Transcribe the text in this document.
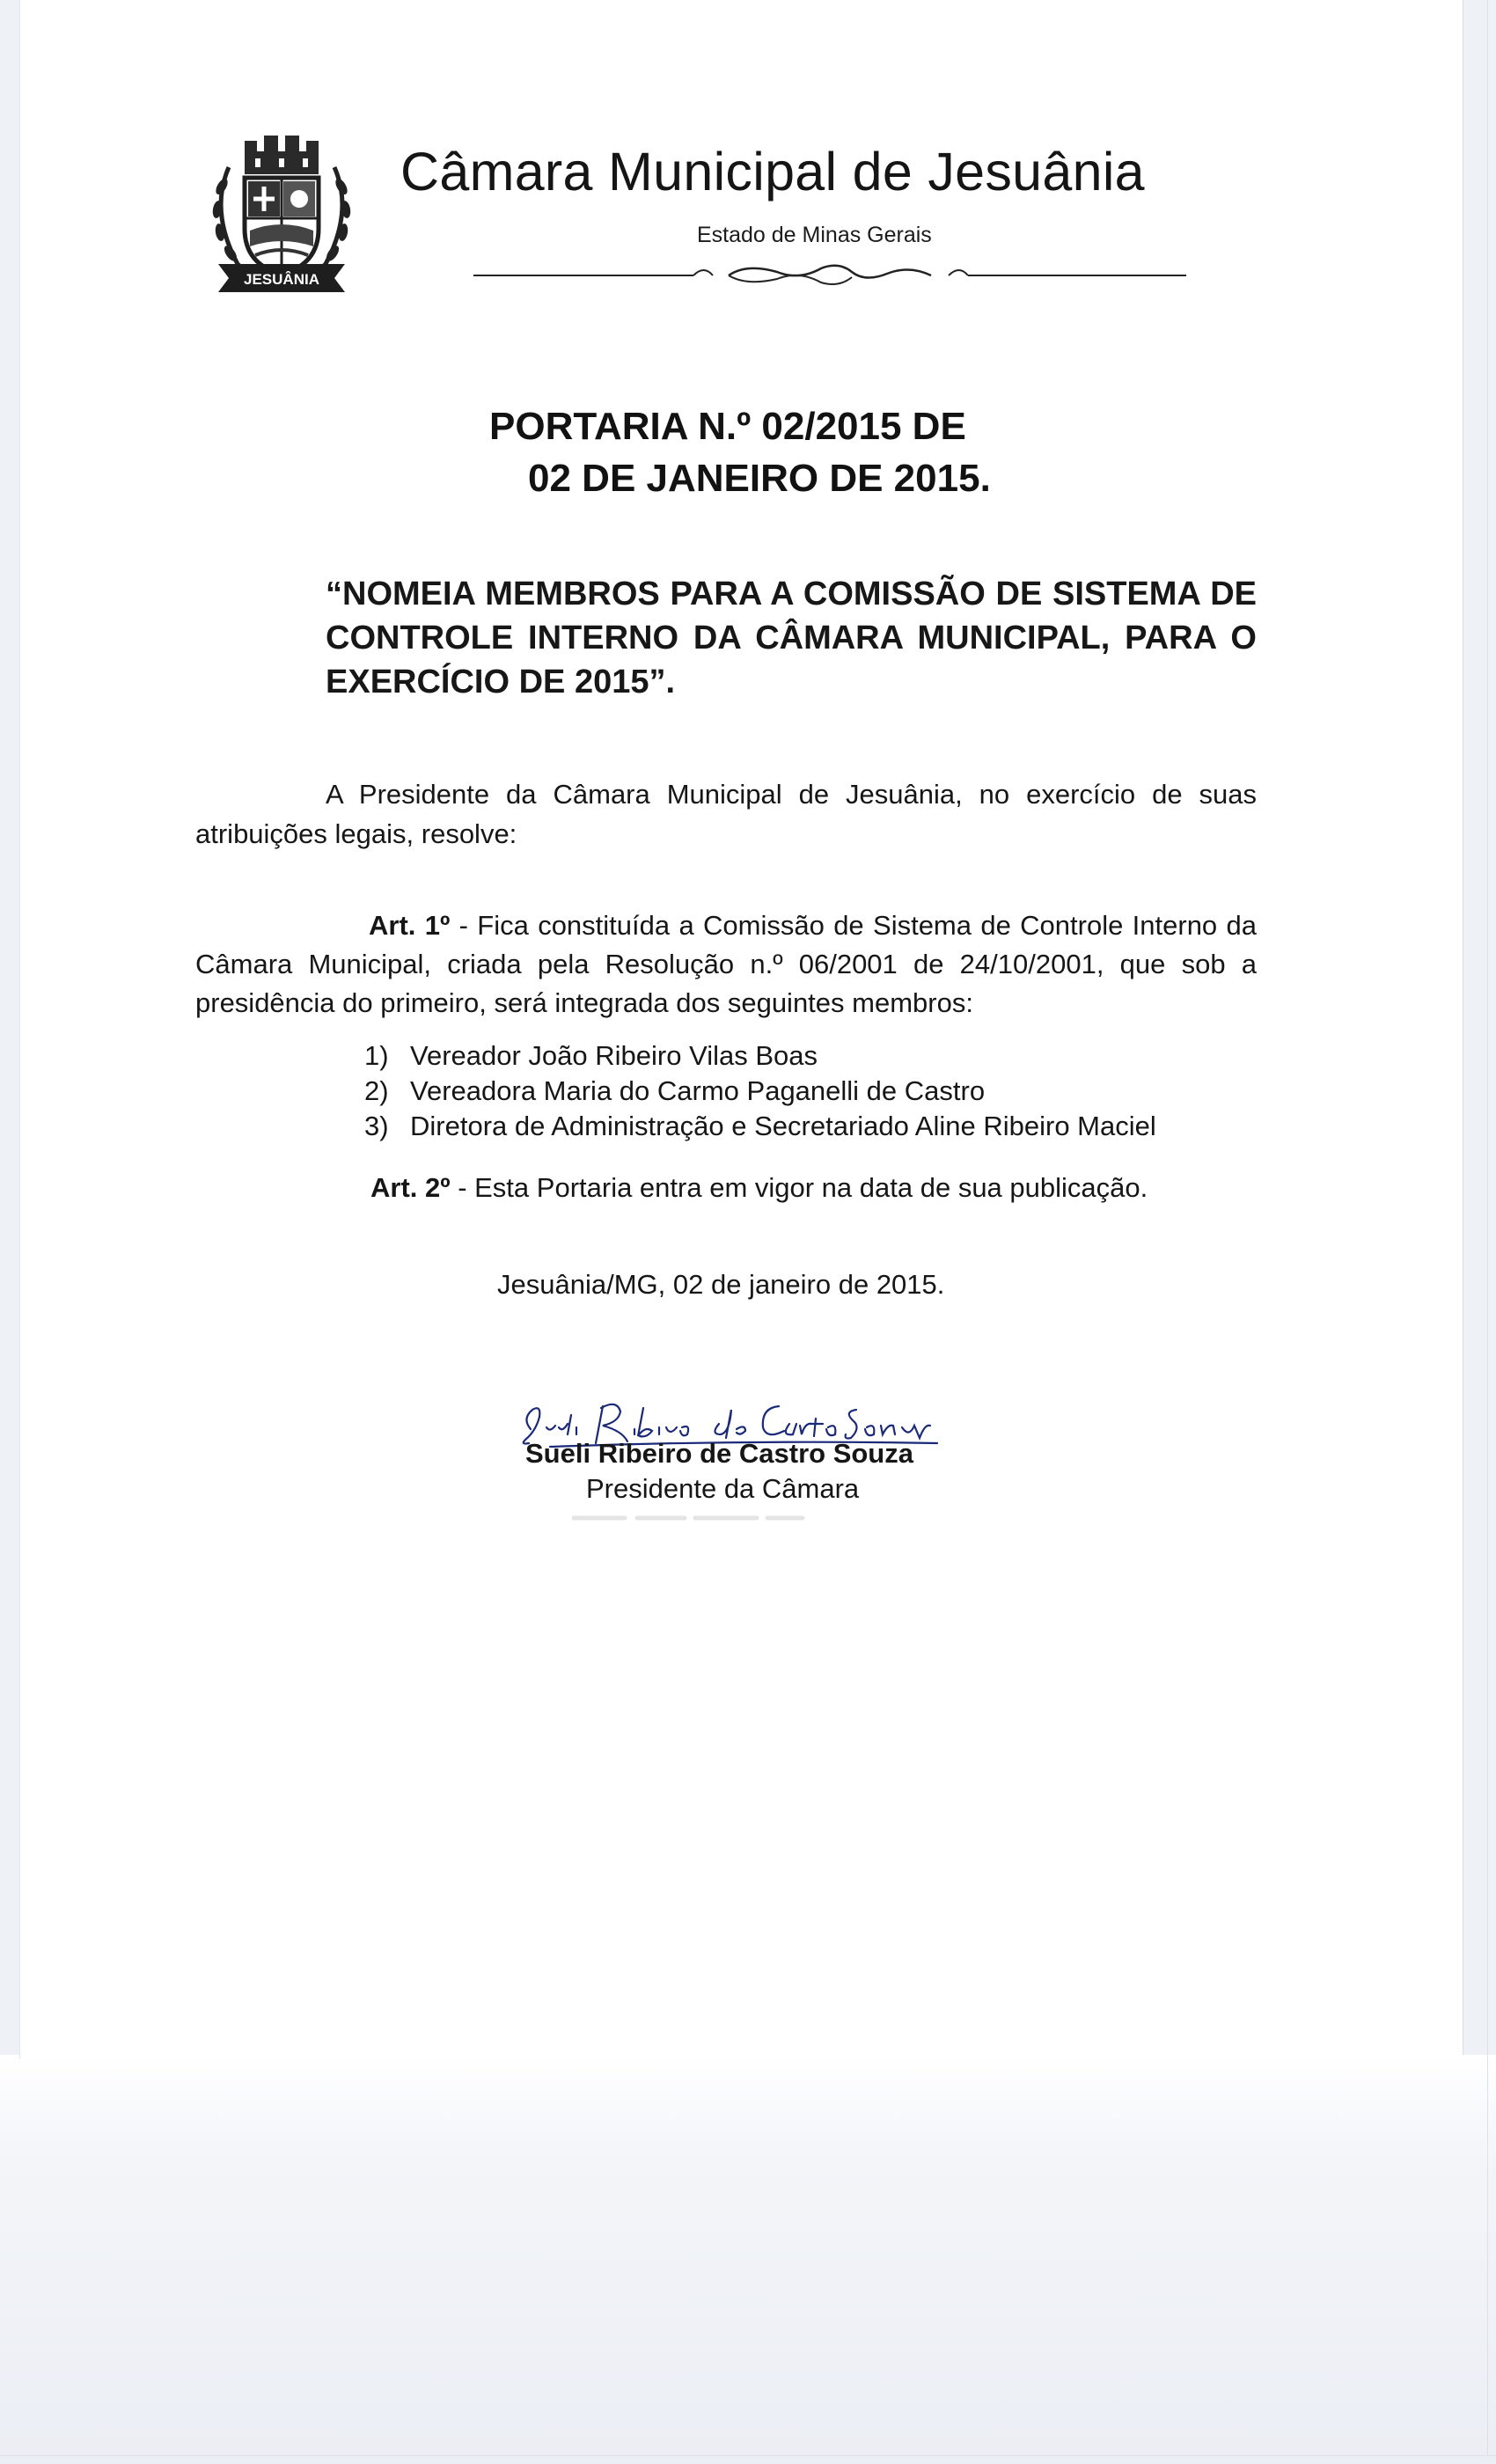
JESUÂNIA
Câmara Municipal de Jesuânia

Estado de Minas Gerais

PORTARIA N.º 02/2015 DE
02 DE JANEIRO DE 2015.

“NOMEIA MEMBROS PARA A COMISSÃO DE SISTEMA DE CONTROLE INTERNO DA CÂMARA MUNICIPAL, PARA O EXERCÍCIO DE 2015”.

A Presidente da Câmara Municipal de Jesuânia, no exercício de suas atribuições legais, resolve:

Art. 1º - Fica constituída a Comissão de Sistema de Controle Interno da Câmara Municipal, criada pela Resolução n.º 06/2001 de 24/10/2001, que sob a presidência do primeiro, será integrada dos seguintes membros:

1) Vereador João Ribeiro Vilas Boas
2) Vereadora Maria do Carmo Paganelli de Castro
3) Diretora de Administração e Secretariado Aline Ribeiro Maciel

Art. 2º - Esta Portaria entra em vigor na data de sua publicação.

Jesuânia/MG, 02 de janeiro de 2015.

Sueli Ribeiro de Castro Souza

Presidente da Câmara
